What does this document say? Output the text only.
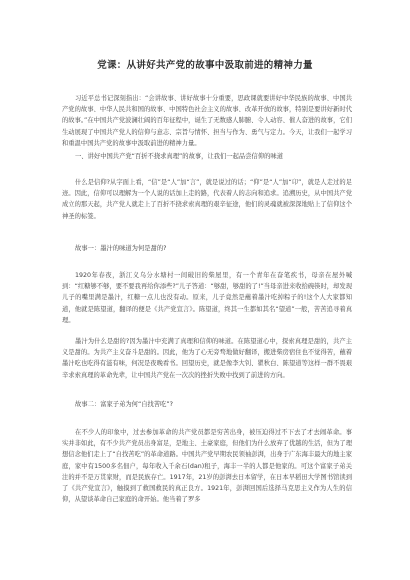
党课：从讲好共产党的故事中汲取前进的精神力量
习近平总书记深刻指出：“会讲故事、讲好故事十分重要，思政课就要讲好中华民族的故事、中国共产党的故事、中华人民共和国的故事、中国特色社会主义的故事、改革开放的故事，特别是要讲好新时代的故事。”在中国共产党波澜壮阔的百年征程中，诞生了无数感人肺腑、令人动容、催人奋进的故事，它们生动展现了中国共产党人的信仰与意志、宗旨与情怀、担当与作为、勇气与定力。今天，让我们一起学习和重温中国共产党的故事中汲取前进的精神力量。
一、讲好中国共产党“百折不挠求真理”的故事，让我们一起品尝信仰的味道
什么是信仰?从字面上看，“信”是“人”加“言”，就是说过的话；“仰”是“人”加“卬”，就是人走过的足迹。因此，信仰可以理解为一个人说的话加上走的路，代表着人的志向和追求。追溯历史，从中国共产党成立的那天起，共产党人就走上了百折不挠求索真理的艰辛征途，他们的灵魂就被深深地贴上了信仰这个神圣的标签。
故事一：墨汁的味道为何是甜的?
1920年春夜，浙江义乌分水塘村一间破旧的柴屋里，有一个青年在奋笔疾书，母亲在屋外喊到：“红糖够不够，要不要我再给你添些?”儿子答道：“够甜，够甜的了!”当母亲进来收拾碗筷时，却发现儿子的嘴里满是墨汁，红糖一点儿也没有动。原来，儿子竟然是蘸着墨汁吃掉粽子的!这个人大家都知道，他就是陈望道，翻译的便是《共产党宣言》。陈望道，终其一生都如其名“望道”一般，苦苦追寻着真理。
墨汁为什么是甜的?因为墨汁中充满了真理和信仰的味道。在陈望道心中，探索真理是甜的，共产主义是甜的。为共产主义奋斗是甜的。因此，他为了心无旁骛地做好翻译，搬进柴房宿住也不觉得苦，蘸着墨汁吃也吃得有滋有味，何况是夜晚看书。回望历史，就是像李大钊、瞿秋白、陈望道等这样一群不畏艰辛求索真理的革命先辈，让中国共产党在一次次的挫折失败中找到了前进的方向。
故事二：富家子弟为何“自找苦吃”?
在不少人的印象中，过去参加革命的共产党员都是穷苦出身，被压迫得过不下去了才去闹革命。事实并非如此，有不少共产党员出身富足，是地主、土豪家庭，但他们为什么放弃了优越的生活，但为了理想信念他们走上了“自找苦吃”的革命道路。中国共产党早期农民领袖彭湃，出身于广东海丰最大的地主家庭，家中有1500多名佃户，每年收入千余石(dan)租子，海丰一半的人都是他家的。可这个富家子弟关注的并不是万贯家财，而是民族存亡。1917年，21岁的彭湃去日本留学，在日本早稻田大学图书馆读到了《共产党宣言》，触摸到了救国救民的真正良方。1921年，彭湃回国后选择马克思主义作为人生的信仰，从望谈革命自己家庭的命开始。他当着了罗多
